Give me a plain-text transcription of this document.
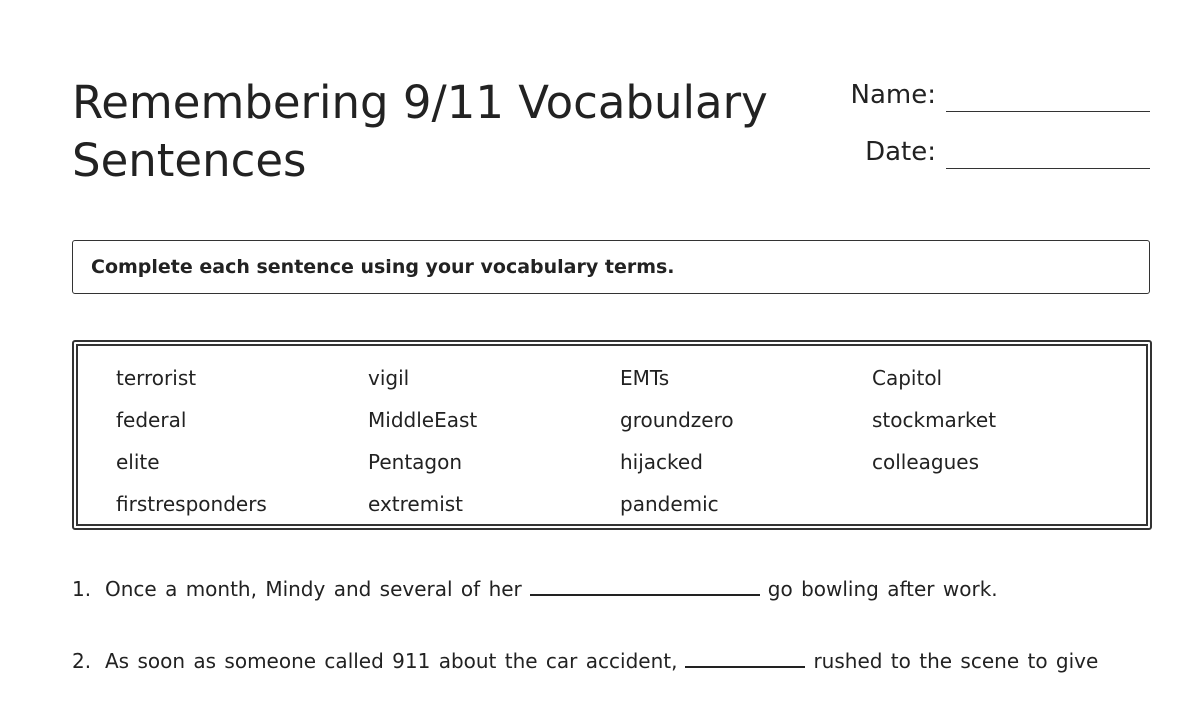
Remembering 9/11 Vocabulary Sentences
Name:
Date:
Complete each sentence using your vocabulary terms.
terrorist	vigil	EMTs	Capitol
federal	MiddleEast	groundzero	stockmarket
elite	Pentagon	hijacked	colleagues
firstresponders	extremist	pandemic
1. Once a month, Mindy and several of her	go bowling after work.
2. As soon as someone called 911 about the car accident,	rushed to the scene to give
